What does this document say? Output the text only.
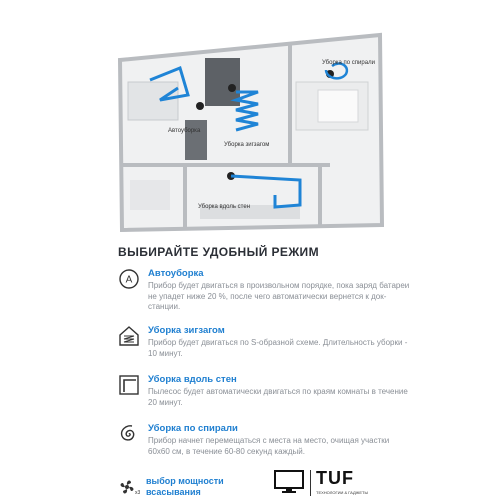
Автоуборка
Уборка зигзагом
Уборка вдоль стен
Уборка по спирали
ВЫБИРАЙТЕ УДОБНЫЙ РЕЖИМ
A
Автоуборка
Прибор будет двигаться в произвольном порядке, пока заряд батареи не упадет ниже 20 %, после чего автоматически вернется к док-станции.
Уборка зигзагом
Прибор будет двигаться по S-образной схеме. Длительность уборки - 10 минут.
Уборка вдоль стен
Пылесос будет автоматически двигаться по краям комнаты в течение 20 минут.
Уборка по спирали
Прибор начнет перемещаться с места на место, очищая участки 60х60 см, в течение 60-80 секунд каждый.
x3
выбор мощности
всасывания
TUF
ТЕХНОЛОГИИ & ГАДЖЕТЫ
